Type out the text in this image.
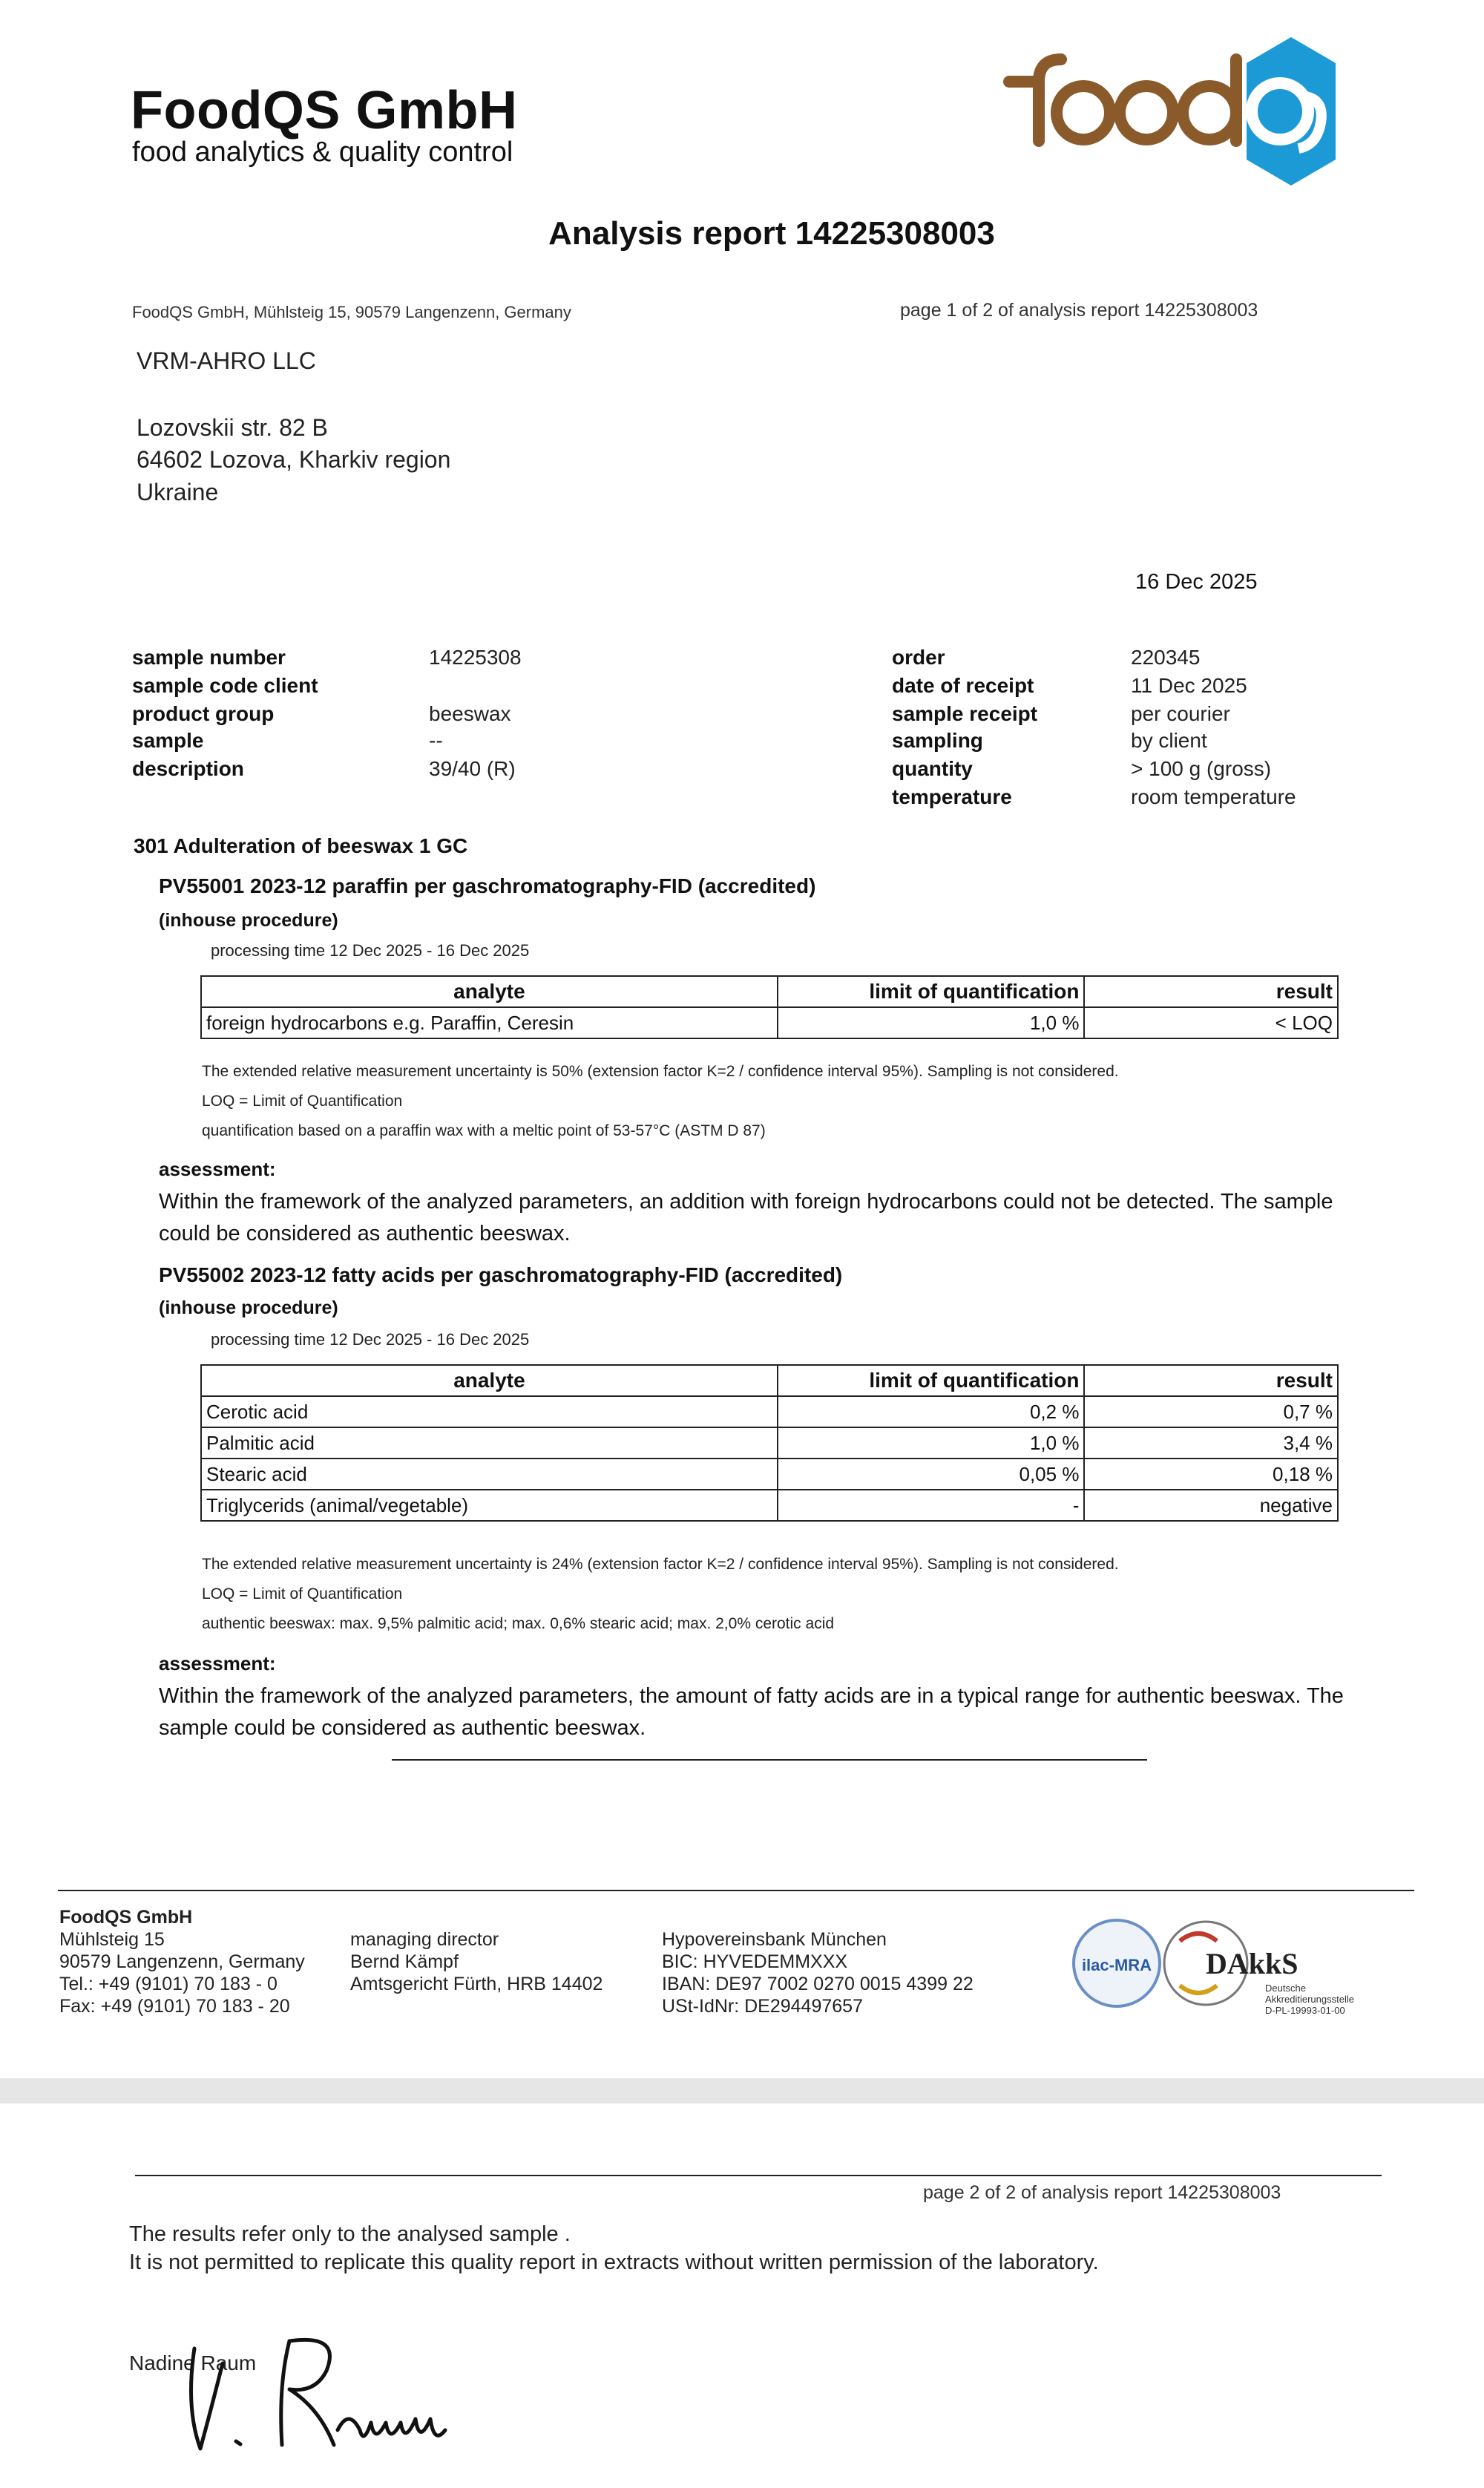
FoodQS GmbH
food analytics & quality control
Analysis report 14225308003
FoodQS GmbH, Mühlsteig 15, 90579 Langenzenn, Germany	page 1 of 2 of analysis report 14225308003
VRM-AHRO LLC
Lozovskii str. 82 B
64602 Lozova, Kharkiv region
Ukraine
16 Dec 2025
sample number	14225308
sample code client
product group	beeswax
sample	--
description	39/40 (R)
order	220345
date of receipt	11 Dec 2025
sample receipt	per courier
sampling	by client
quantity	> 100 g (gross)
temperature	room temperature
301 Adulteration of beeswax 1 GC
PV55001 2023-12 paraffin per gaschromatography-FID (accredited)
(inhouse procedure)
processing time 12 Dec 2025 - 16 Dec 2025
analyte	limit of quantification	result
foreign hydrocarbons e.g. Paraffin, Ceresin	1,0 %	< LOQ
The extended relative measurement uncertainty is 50% (extension factor K=2 / confidence interval 95%). Sampling is not considered.
LOQ = Limit of Quantification
quantification based on a paraffin wax with a meltic point of 53-57°C (ASTM D 87)
assessment:
Within the framework of the analyzed parameters, an addition with foreign hydrocarbons could not be detected. The sample could be considered as authentic beeswax.
PV55002 2023-12 fatty acids per gaschromatography-FID (accredited)
(inhouse procedure)
processing time 12 Dec 2025 - 16 Dec 2025
analyte	limit of quantification	result
Cerotic acid	0,2 %	0,7 %
Palmitic acid	1,0 %	3,4 %
Stearic acid	0,05 %	0,18 %
Triglycerids (animal/vegetable)	-	negative
The extended relative measurement uncertainty is 24% (extension factor K=2 / confidence interval 95%). Sampling is not considered.
LOQ = Limit of Quantification
authentic beeswax: max. 9,5% palmitic acid; max. 0,6% stearic acid; max. 2,0% cerotic acid
assessment:
Within the framework of the analyzed parameters, the amount of fatty acids are in a typical range for authentic beeswax. The sample could be considered as authentic beeswax.
FoodQS GmbH
Mühlsteig 15
90579 Langenzenn, Germany
Tel.: +49 (9101) 70 183 - 0
Fax: +49 (9101) 70 183 - 20
managing director
Bernd Kämpf
Amtsgericht Fürth, HRB 14402
Hypovereinsbank München
BIC: HYVEDEMMXXX
IBAN: DE97 7002 0270 0015 4399 22
USt-IdNr: DE294497657
ilac-MRA DAkkS
Deutsche
Akkreditierungsstelle
D-PL-19993-01-00
page 2 of 2 of analysis report 14225308003
The results refer only to the analysed sample .
It is not permitted to replicate this quality report in extracts without written permission of the laboratory.
Nadine Raum
